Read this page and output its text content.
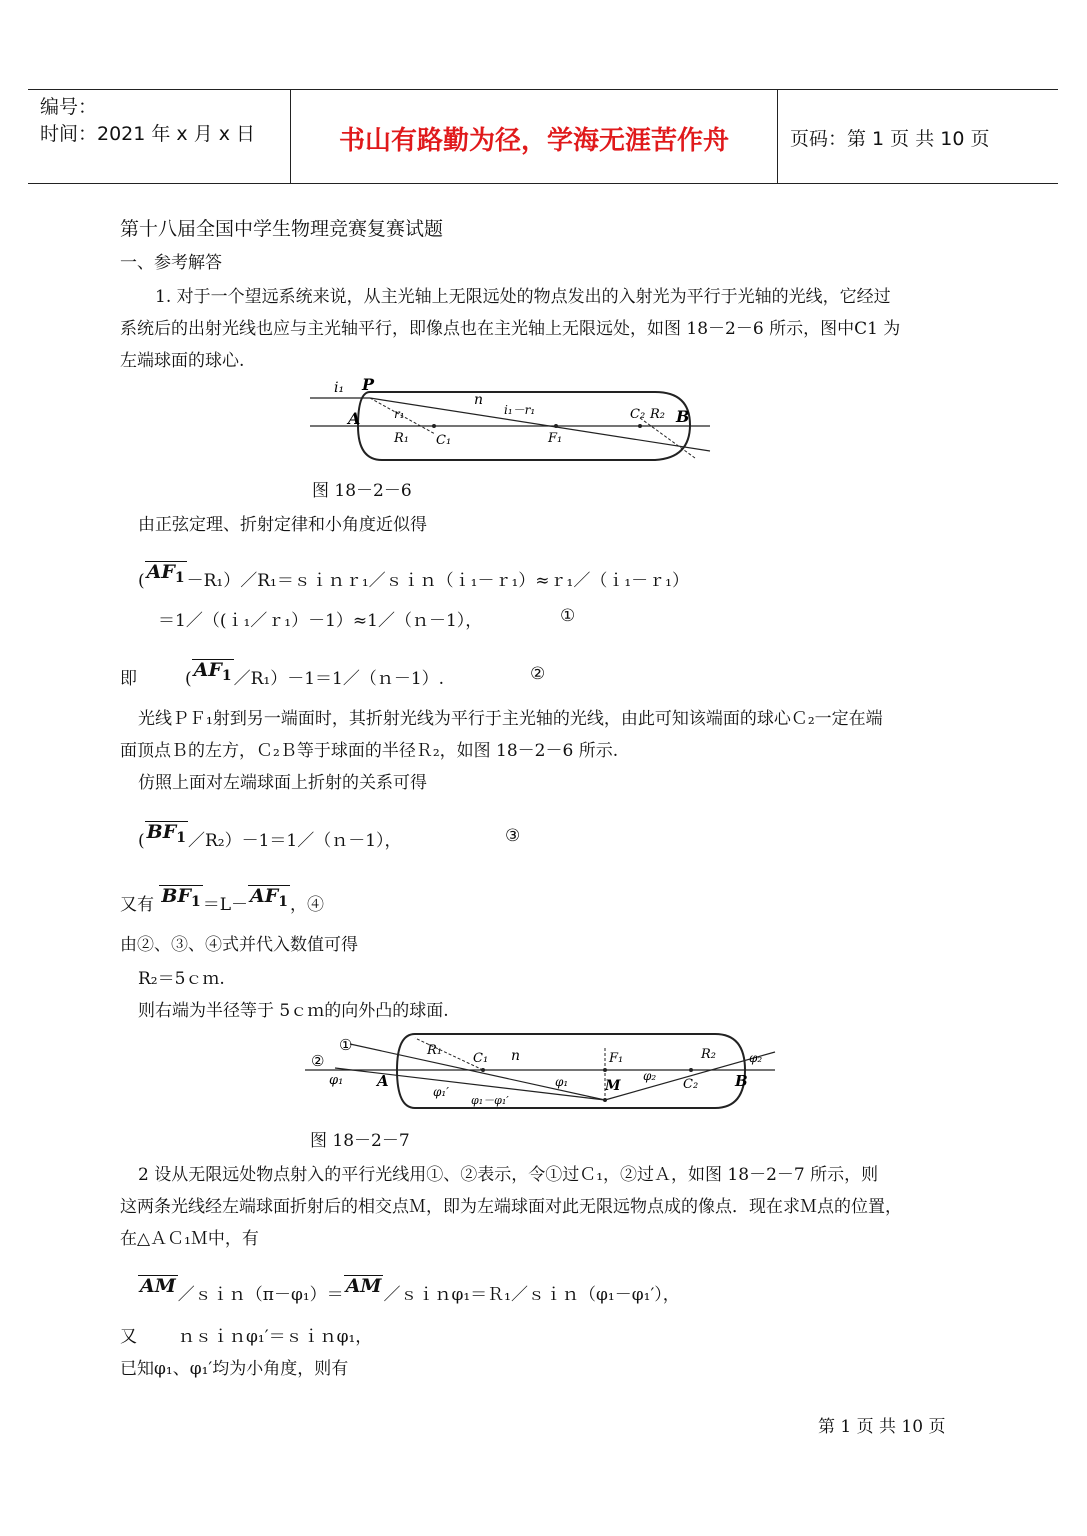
编号：
时间：2021 年 x 月 x 日	书山有路勤为径，学海无涯苦作舟	页码：第 1 页 共 10 页
第十八届全国中学生物理竞赛复赛试题
一、参考解答
1. 对于一个望远系统来说，从主光轴上无限远处的物点发出的入射光为平行于光轴的光线，它经过
系统后的出射光线也应与主光轴平行，即像点也在主光轴上无限远处，如图 18－2－6 所示，图中C1 为
左端球面的球心.
i₁ P
A
n
r₁
R₁ C₁	F₁
i₁－r₁	C₂ R₂ B
图 18－2－6
由正弦定理、折射定律和小角度近似得
( $AF_1$ －R₁）／R₁＝ｓｉｎｒ₁／ｓｉｎ（ｉ₁－ｒ₁）≈ｒ₁／（ｉ₁－ｒ₁）
＝1／（(ｉ₁／ｒ₁）－1）≈1／（ｎ－1），	①
即	( $AF_1$ ／R₁）－1＝1／（ｎ－1）.	②
光线ＰＦ₁射到另一端面时，其折射光线为平行于主光轴的光线，由此可知该端面的球心Ｃ₂一定在端
面顶点Ｂ的左方，Ｃ₂Ｂ等于球面的半径Ｒ₂，如图 18－2－6 所示.
仿照上面对左端球面上折射的关系可得
( $BF_1$ ／R₂）－1＝1／（ｎ－1），	③
又有 $BF_1 =L- AF_1$ ，④
由②、③、④式并代入数值可得
R₂＝5ｃｍ.
则右端为半径等于 5ｃｍ的向外凸的球面.
①
②
φ₁ A
R₁
C₁ n	F₁	R₂	φ₂
φ₂
φ₁′
φ₁	M	C₂ B
φ₁－φ₁′
图 18－2－7
2 设从无限远处物点射入的平行光线用①、②表示，令①过Ｃ₁，②过Ａ，如图 18－2－7 所示，则
这两条光线经左端球面折射后的相交点Ｍ，即为左端球面对此无限远物点成的像点．现在求Ｍ点的位置，
在△ＡＣ₁Ｍ中，有
AM ／ｓｉｎ（π－φ₁）＝ AM ／ｓｉｎφ₁＝Ｒ₁／ｓｉｎ（φ₁－φ₁′），
又 ｎｓｉｎφ₁′＝ｓｉｎφ₁，
已知φ₁、φ₁′均为小角度，则有
第 1 页 共 10 页
